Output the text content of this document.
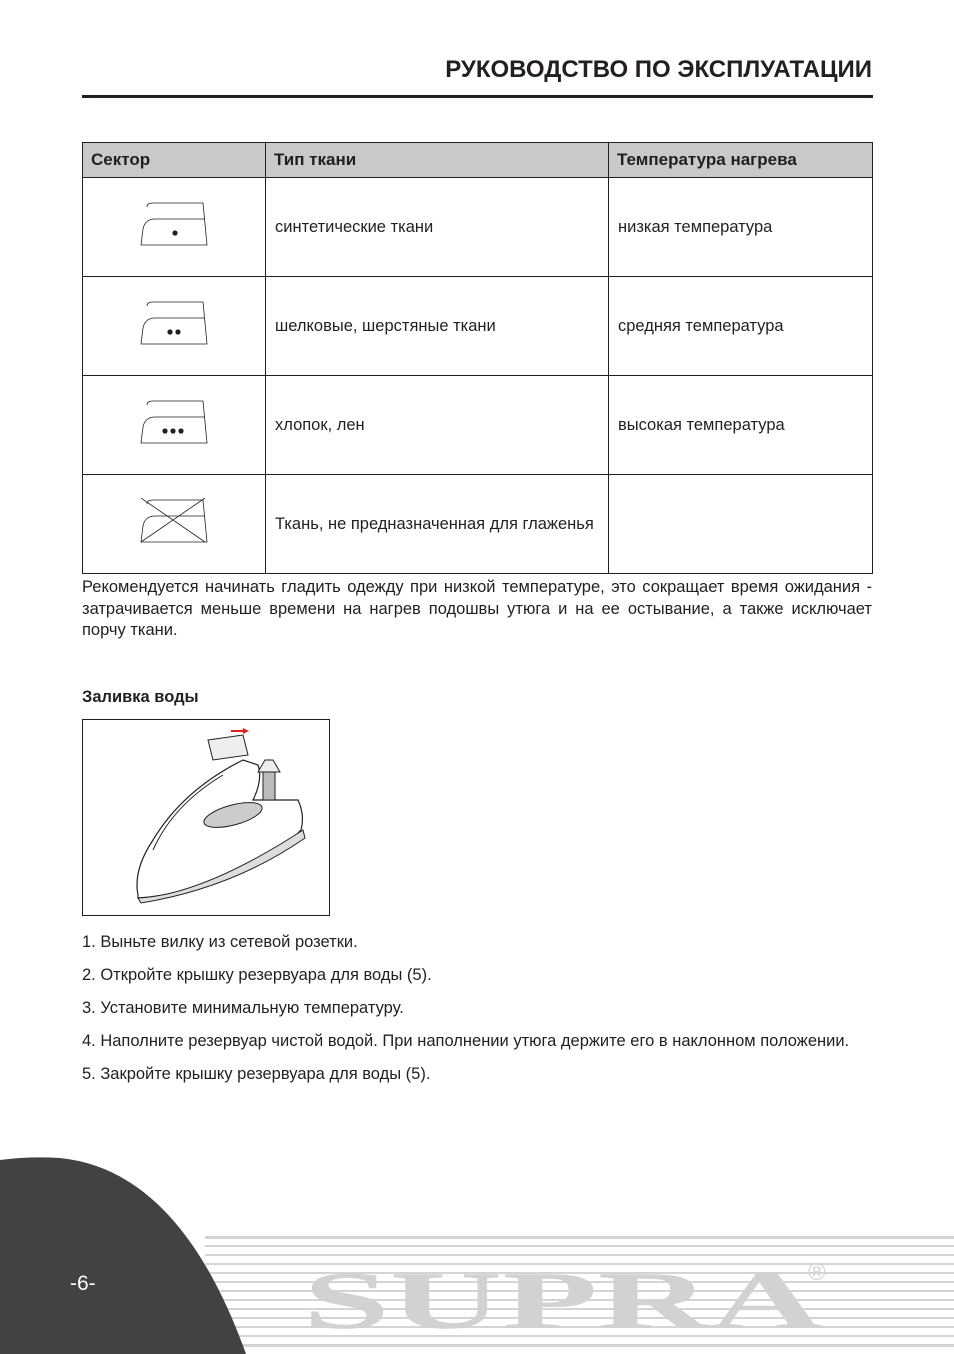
РУКОВОДСТВО ПО ЭКСПЛУАТАЦИИ
Сектор	Тип ткани	Температура нагрева
	синтетические ткани	низкая температура
	шелковые, шерстяные ткани	средняя температура
	хлопок, лен	высокая температура
	Ткань, не предназначенная для глаженья	
Рекомендуется начинать гладить одежду при низкой температуре, это сокращает время ожидания - затрачивается меньше времени на нагрев подошвы утюга и на ее остывание, а также исключает порчу ткани.
Заливка воды

1. Выньте вилку из сетевой розетки.

2. Откройте крышку резервуара для воды (5).

3. Установите минимальную температуру.

4. Наполните резервуар чистой водой. При наполнении утюга держите его в наклонном положении.

5. Закройте крышку резервуара для воды (5).

SUPRA
®
-6-
